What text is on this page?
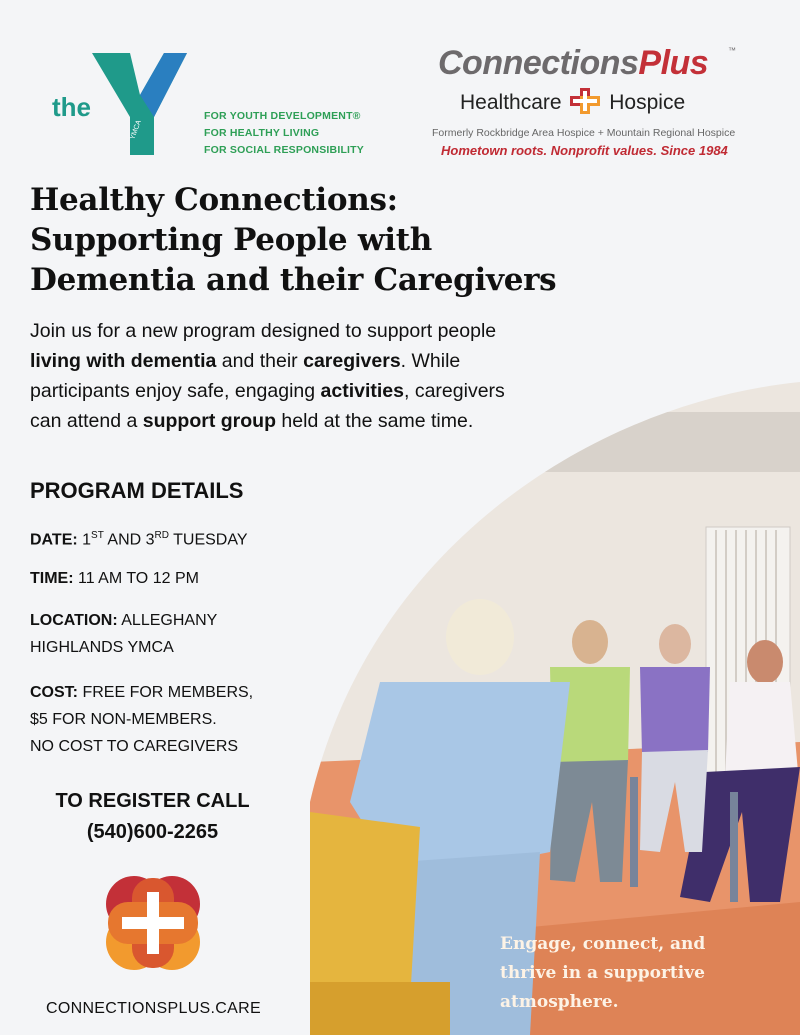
YMCA
the	FOR YOUTH DEVELOPMENT®
FOR HEALTHY LIVING
FOR SOCIAL RESPONSIBILITY
ConnectionsPlus ™
Healthcare Hospice
Formerly Rockbridge Area Hospice + Mountain Regional Hospice
Hometown roots. Nonprofit values. Since 1984
Healthy Connections:
Supporting People with
Dementia and their Caregivers
Join us for a new program designed to support people living with dementia and their caregivers. While participants enjoy safe, engaging activities, caregivers can attend a support group held at the same time.
PROGRAM DETAILS
DATE: 1ST AND 3RD TUESDAY
TIME: 11 AM TO 12 PM
LOCATION: ALLEGHANY
HIGHLANDS YMCA
COST: FREE FOR MEMBERS,
$5 FOR NON-MEMBERS.
NO COST TO CAREGIVERS
TO REGISTER CALL
(540)600-2265
CONNECTIONSPLUS.CARE
Engage, connect, and
thrive in a supportive
atmosphere.
